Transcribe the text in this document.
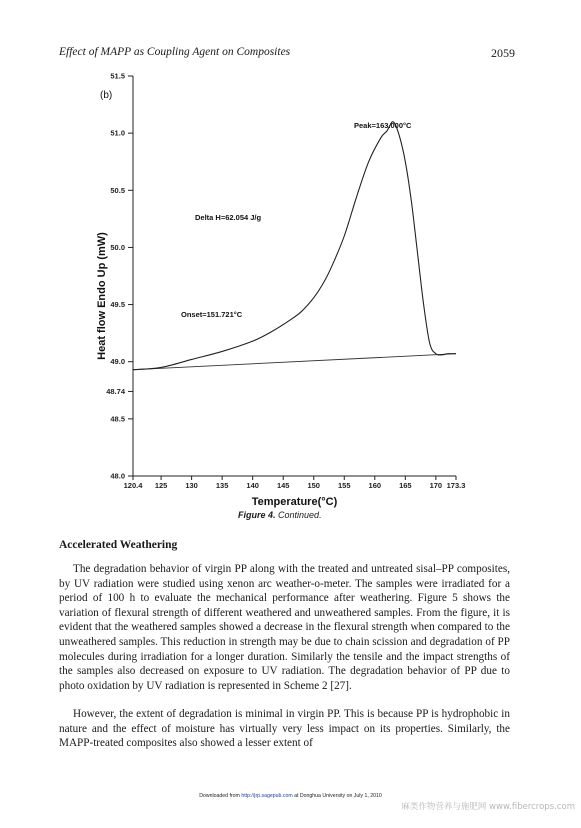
Effect of MAPP as Coupling Agent on Composites	2059
Temperature(°C)
Heat flow Endo Up (mW)
48.0
48.5
48.74
49.0
49.5
50.0
50.5
51.0
51.5
120.4 125 130 135 140 145 150 155 160 165 170 173.3
(b)
Peak=163.000°C
Delta H=62.054 J/g
Onset=151.721°C
Figure 4. Continued.
Accelerated Weathering

The degradation behavior of virgin PP along with the treated and untreated sisal–PP composites, by UV radiation were studied using xenon arc weather-o-meter. The samples were irradiated for a period of 100 h to evaluate the mechanical performance after weathering. Figure 5 shows the variation of flexural strength of different weathered and unweathered samples. From the figure, it is evident that the weathered samples showed a decrease in the flexural strength when compared to the unweathered samples. This reduction in strength may be due to chain scission and degradation of PP molecules during irradiation for a longer duration. Similarly the tensile and the impact strengths of the samples also decreased on exposure to UV radiation. The degradation behavior of PP due to photo oxidation by UV radiation is represented in Scheme 2 [27].

However, the extent of degradation is minimal in virgin PP. This is because PP is hydrophobic in nature and the effect of moisture has virtually very less impact on its properties. Similarly, the MAPP-treated composites also showed a lesser extent of

Downloaded from http://jrp.sagepub.com at Donghua University on July 1, 2010
麻类作物营养与施肥网 www.fibercrops.com
